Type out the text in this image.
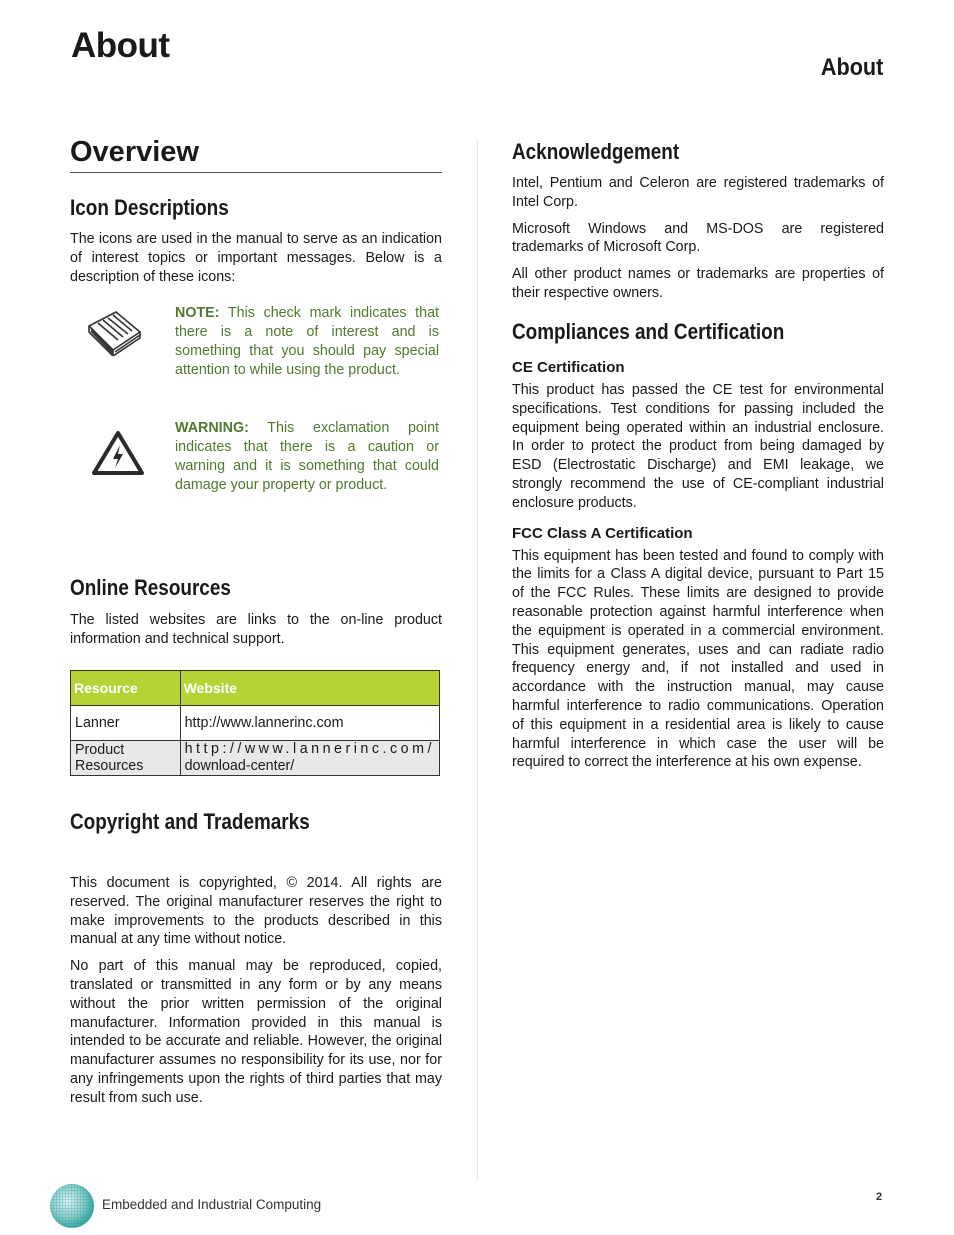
About
About
Overview
Icon Descriptions

The icons are used in the manual to serve as an indication of interest topics or important messages. Below is a description of these icons:

NOTE: This check mark indicates that there is a note of interest and is something that you should pay special attention to while using the product.
WARNING: This exclamation point indicates that there is a caution or warning and it is something that could damage your property or product.
Online Resources

The listed websites are links to the on-line product information and technical support.

Resource	Website
Lanner	http://www.lannerinc.com
Product Resources	http://www.lannerinc.com/
download-center/
Copyright and Trademarks

This document is copyrighted, © 2014. All rights are reserved. The original manufacturer reserves the right to make improvements to the products described in this manual at any time without notice.

No part of this manual may be reproduced, copied, translated or transmitted in any form or by any means without the prior written permission of the original manufacturer. Information provided in this manual is intended to be accurate and reliable. However, the original manufacturer assumes no responsibility for its use, nor for any infringements upon the rights of third parties that may result from such use.

Acknowledgement

Intel, Pentium and Celeron are registered trademarks of Intel Corp.

Microsoft Windows and MS-DOS are registered trademarks of Microsoft Corp.

All other product names or trademarks are properties of their respective owners.

Compliances and Certification
CE Certification

This product has passed the CE test for environmental specifications. Test conditions for passing included the equipment being operated within an industrial enclosure. In order to protect the product from being damaged by ESD (Electrostatic Discharge) and EMI leakage, we strongly recommend the use of CE-compliant industrial enclosure products.

FCC Class A Certification

This equipment has been tested and found to comply with the limits for a Class A digital device, pursuant to Part 15 of the FCC Rules. These limits are designed to provide reasonable protection against harmful interference when the equipment is operated in a commercial environment. This equipment generates, uses and can radiate radio frequency energy and, if not installed and used in accordance with the instruction manual, may cause harmful interference to radio communications. Operation of this equipment in a residential area is likely to cause harmful interference in which case the user will be required to correct the interference at his own expense.

Embedded and Industrial Computing	2
